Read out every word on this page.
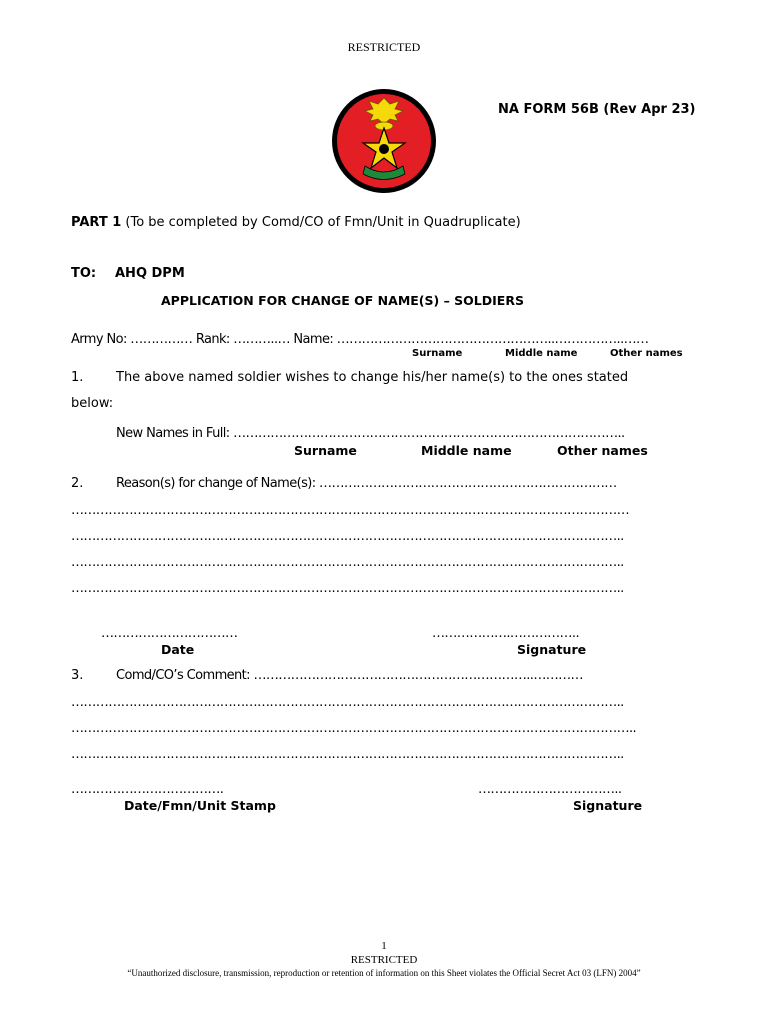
RESTRICTED
NA FORM 56B (Rev Apr 23)
PART 1 (To be completed by Comd/CO of Fmn/Unit in Quadruplicate)
TO: AHQ DPM
APPLICATION FOR CHANGE OF NAME(S) – SOLDIERS
Army No: …………… Rank: ………..… Name: ……………………………………………..……………..……
Surname	Middle name	Other names
1.	The above named soldier wishes to change his/her name(s) to the ones stated
below:
New Names in Full: …………………………………………………………………………………..
Surname	Middle name	Other names
2.	Reason(s) for change of Name(s): ………………………………………………………………
………………………………………………………………………………………………………………………
……………………………………………………………………………………………………………………..
……………………………………………………………………………………………………………………..
……………………………………………………………………………………………………………………..
……………………………
Date
……………….……………..
Signature
3.	Comd/CO’s Comment: …………………………………………………………..…………
……………………………………………………………………………………………………………………..
………………………………………………………………………………………………………………………..
……………………………………………………………………………………………………………………..
……………………………….
Date/Fmn/Unit Stamp
……………………………..
Signature
1
RESTRICTED
“Unauthorized disclosure, transmission, reproduction or retention of information on this Sheet violates the Official Secret Act 03 (LFN) 2004”
